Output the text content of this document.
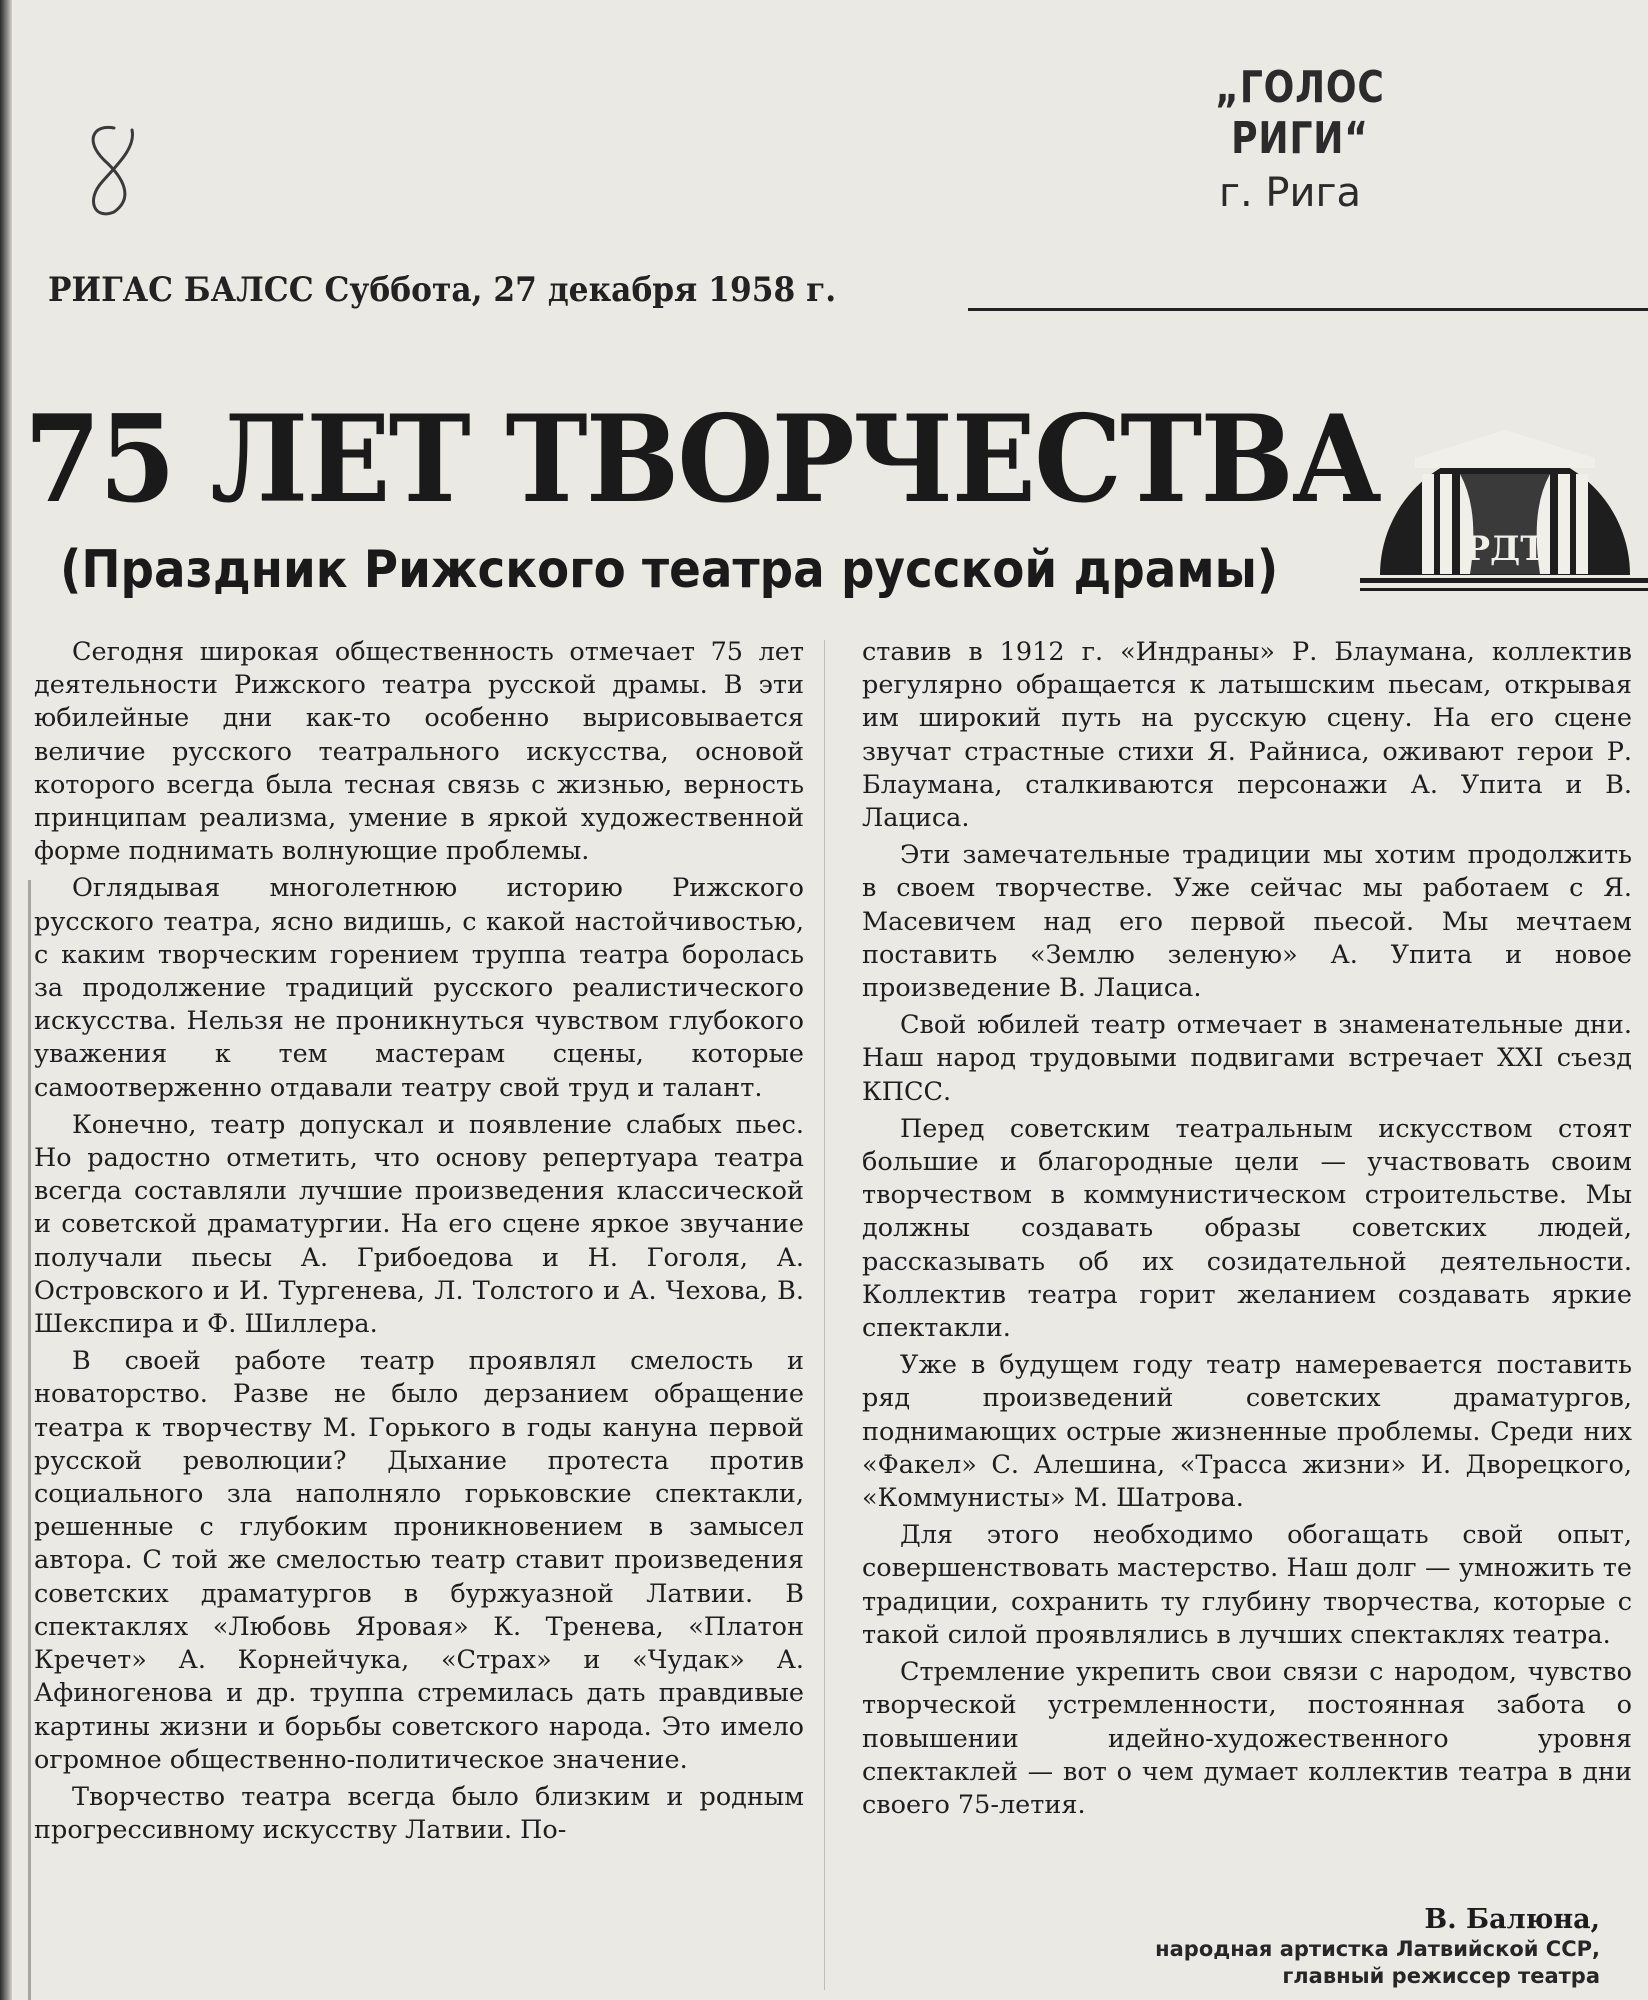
„ГОЛОС РИГИ“
г. Рига
РИГАС БАЛСС Суббота, 27 декабря 1958 г.
75 ЛЕТ ТВОРЧЕСТВА
(Праздник Рижского театра русской драмы)	РДТ

Сегодня широкая общественность отмечает 75 лет деятельности Рижского театра русской драмы. В эти юбилейные дни как-то особенно вырисовывается величие русского театрального искусства, основой которого всегда была тесная связь с жизнью, верность принципам реализма, умение в яркой художественной форме поднимать волнующие проблемы.

Оглядывая многолетнюю историю Рижского русского театра, ясно видишь, с какой настойчивостью, с каким творческим горением труппа театра боролась за продолжение традиций русского реалистического искусства. Нельзя не проникнуться чувством глубокого уважения к тем мастерам сцены, которые самоотверженно отдавали театру свой труд и талант.

Конечно, театр допускал и появление слабых пьес. Но радостно отметить, что основу репертуара театра всегда составляли лучшие произведения классической и советской драматургии. На его сцене яркое звучание получали пьесы А. Грибоедова и Н. Гоголя, А. Островского и И. Тургенева, Л. Толстого и А. Чехова, В. Шекспира и Ф. Шиллера.

В своей работе театр проявлял смелость и новаторство. Разве не было дерзанием обращение театра к творчеству М. Горького в годы кануна первой русской революции? Дыхание протеста против социального зла наполняло горьковские спектакли, решенные с глубоким проникновением в замысел автора. С той же смелостью театр ставит произведения советских драматургов в буржуазной Латвии. В спектаклях «Любовь Яровая» К. Тренева, «Платон Кречет» А. Корнейчука, «Страх» и «Чудак» А. Афиногенова и др. труппа стремилась дать правдивые картины жизни и борьбы советского народа. Это имело огромное общественно-политическое значение.

Творчество театра всегда было близким и родным прогрессивному искусству Латвии. По-

ставив в 1912 г. «Индраны» Р. Блаумана, коллектив регулярно обращается к латышским пьесам, открывая им широкий путь на русскую сцену. На его сцене звучат страстные стихи Я. Райниса, оживают герои Р. Блаумана, сталкиваются персонажи А. Упита и В. Лациса.

Эти замечательные традиции мы хотим продолжить в своем творчестве. Уже сейчас мы работаем с Я. Масевичем над его первой пьесой. Мы мечтаем поставить «Землю зеленую» А. Упита и новое произведение В. Лациса.

Свой юбилей театр отмечает в знаменательные дни. Наш народ трудовыми подвигами встречает XXI съезд КПСС.

Перед советским театральным искусством стоят большие и благородные цели — участвовать своим творчеством в коммунистическом строительстве. Мы должны создавать образы советских людей, рассказывать об их созидательной деятельности. Коллектив театра горит желанием создавать яркие спектакли.

Уже в будущем году театр намеревается поставить ряд произведений советских драматургов, поднимающих острые жизненные проблемы. Среди них «Факел» С. Алешина, «Трасса жизни» И. Дворецкого, «Коммунисты» М. Шатрова.

Для этого необходимо обогащать свой опыт, совершенствовать мастерство. Наш долг — умножить те традиции, сохранить ту глубину творчества, которые с такой силой проявлялись в лучших спектаклях театра.

Стремление укрепить свои связи с народом, чувство творческой устремленности, постоянная забота о повышении идейно-художественного уровня спектаклей — вот о чем думает коллектив театра в дни своего 75-летия.

В. Балюна,
народная артистка Латвийской ССР,
главный режиссер театра
